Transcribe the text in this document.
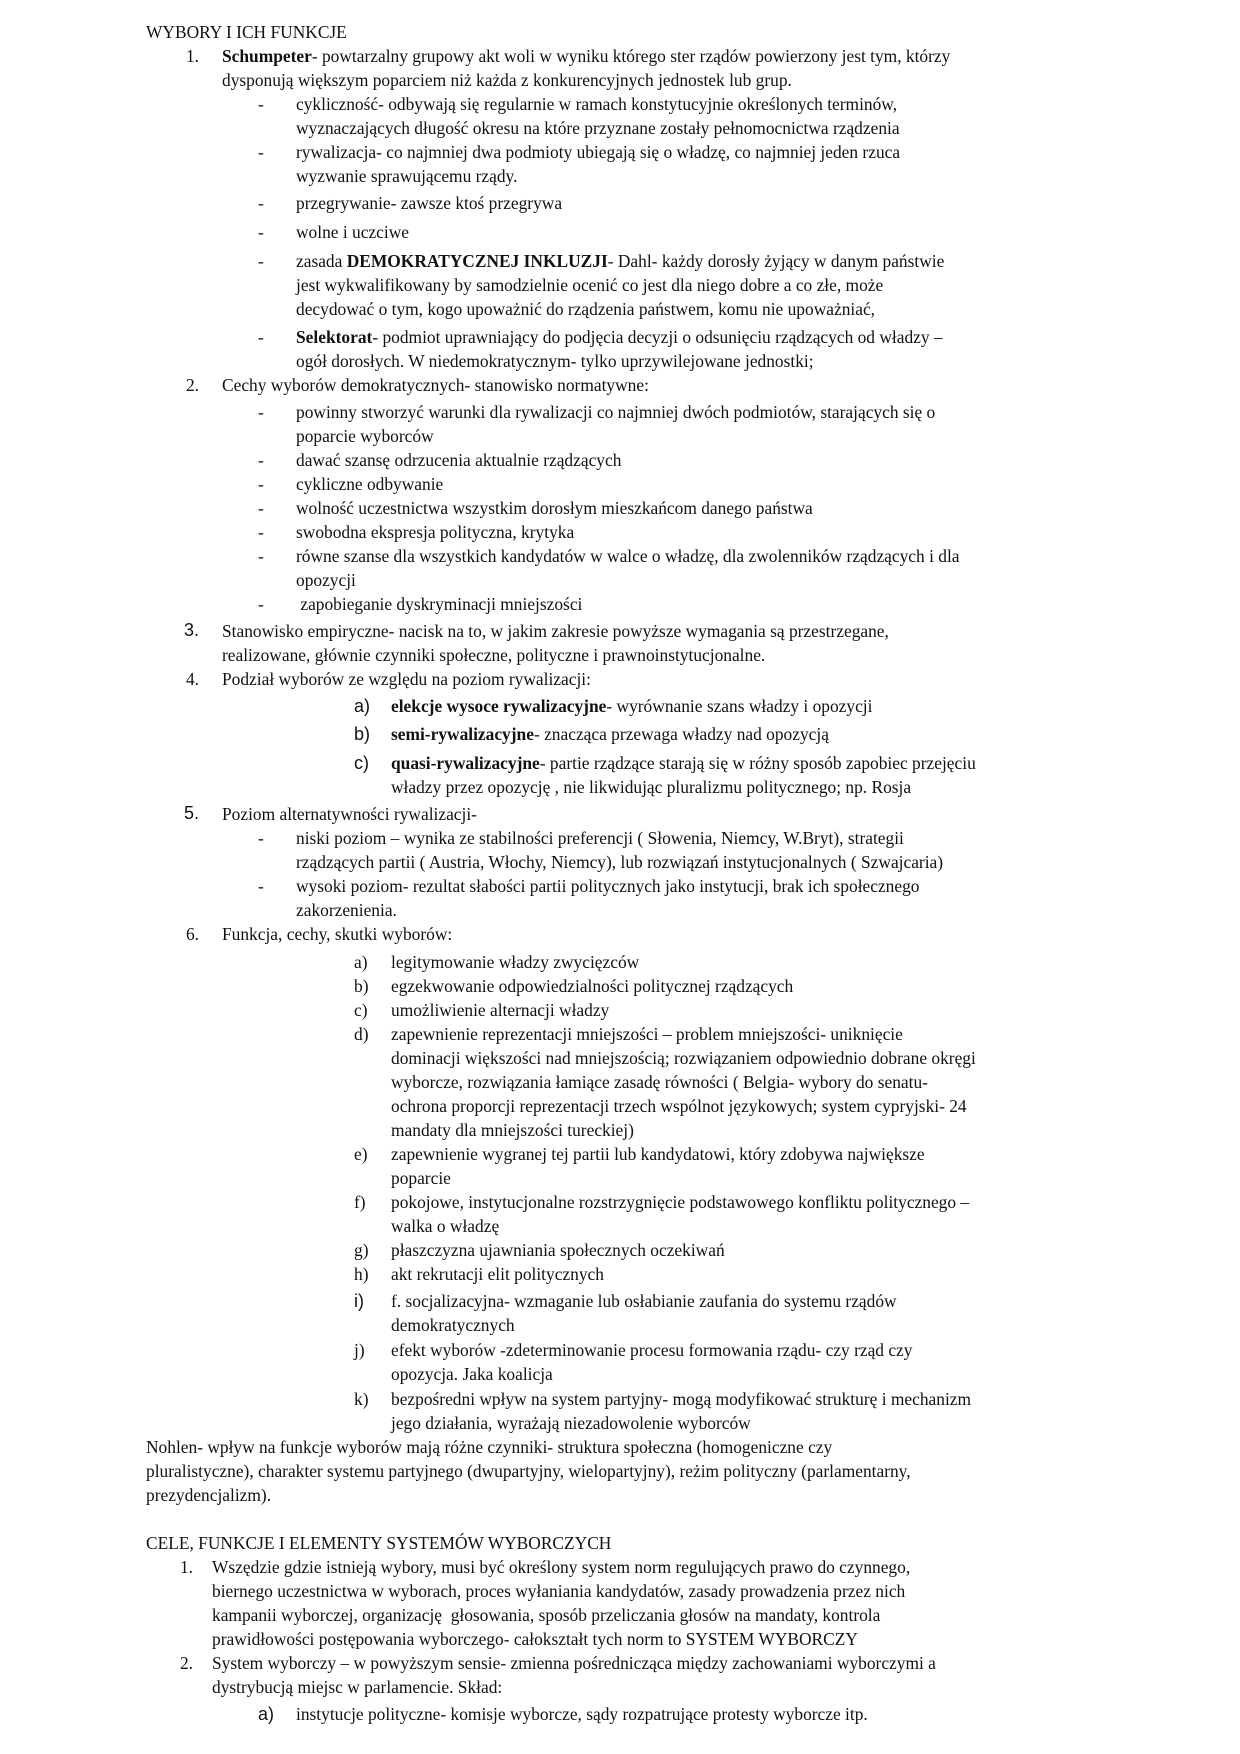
WYBORY I ICH FUNKCJE

1. Schumpeter- powtarzalny grupowy akt woli w wyniku którego ster rządów powierzony jest tym, którzy

dysponują większym poparciem niż każda z konkurencyjnych jednostek lub grup.

- cykliczność- odbywają się regularnie w ramach konstytucyjnie określonych terminów,

wyznaczających długość okresu na które przyznane zostały pełnomocnictwa rządzenia

- rywalizacja- co najmniej dwa podmioty ubiegają się o władzę, co najmniej jeden rzuca

wyzwanie sprawującemu rządy.

- przegrywanie- zawsze ktoś przegrywa

- wolne i uczciwe

- zasada DEMOKRATYCZNEJ INKLUZJI- Dahl- każdy dorosły żyjący w danym państwie

jest wykwalifikowany by samodzielnie ocenić co jest dla niego dobre a co złe, może

decydować o tym, kogo upoważnić do rządzenia państwem, komu nie upoważniać,

- Selektorat- podmiot uprawniający do podjęcia decyzji o odsunięciu rządzących od władzy –

ogół dorosłych. W niedemokratycznym- tylko uprzywilejowane jednostki;

2. Cechy wyborów demokratycznych- stanowisko normatywne:

- powinny stworzyć warunki dla rywalizacji co najmniej dwóch podmiotów, starających się o

poparcie wyborców

- dawać szansę odrzucenia aktualnie rządzących

- cykliczne odbywanie

- wolność uczestnictwa wszystkim dorosłym mieszkańcom danego państwa

- swobodna ekspresja polityczna, krytyka

- równe szanse dla wszystkich kandydatów w walce o władzę, dla zwolenników rządzących i dla

opozycji

- zapobieganie dyskryminacji mniejszości

3. Stanowisko empiryczne- nacisk na to, w jakim zakresie powyższe wymagania są przestrzegane,

realizowane, głównie czynniki społeczne, polityczne i prawnoinstytucjonalne.

4. Podział wyborów ze względu na poziom rywalizacji:

a) elekcje wysoce rywalizacyjne- wyrównanie szans władzy i opozycji

b) semi-rywalizacyjne- znacząca przewaga władzy nad opozycją

c) quasi-rywalizacyjne- partie rządzące starają się w różny sposób zapobiec przejęciu

władzy przez opozycję , nie likwidując pluralizmu politycznego; np. Rosja

5. Poziom alternatywności rywalizacji-

- niski poziom – wynika ze stabilności preferencji ( Słowenia, Niemcy, W.Bryt), strategii

rządzących partii ( Austria, Włochy, Niemcy), lub rozwiązań instytucjonalnych ( Szwajcaria)

- wysoki poziom- rezultat słabości partii politycznych jako instytucji, brak ich społecznego

zakorzenienia.

6. Funkcja, cechy, skutki wyborów:

a) legitymowanie władzy zwycięzców

b) egzekwowanie odpowiedzialności politycznej rządzących

c) umożliwienie alternacji władzy

d) zapewnienie reprezentacji mniejszości – problem mniejszości- uniknięcie

dominacji większości nad mniejszością; rozwiązaniem odpowiednio dobrane okręgi

wyborcze, rozwiązania łamiące zasadę równości ( Belgia- wybory do senatu-

ochrona proporcji reprezentacji trzech wspólnot językowych; system cypryjski- 24

mandaty dla mniejszości tureckiej)

e) zapewnienie wygranej tej partii lub kandydatowi, który zdobywa największe

poparcie

f) pokojowe, instytucjonalne rozstrzygnięcie podstawowego konfliktu politycznego –

walka o władzę

g) płaszczyzna ujawniania społecznych oczekiwań

h) akt rekrutacji elit politycznych

i) f. socjalizacyjna- wzmaganie lub osłabianie zaufania do systemu rządów

demokratycznych

j) efekt wyborów -zdeterminowanie procesu formowania rządu- czy rząd czy

opozycja. Jaka koalicja

k) bezpośredni wpływ na system partyjny- mogą modyfikować strukturę i mechanizm

jego działania, wyrażają niezadowolenie wyborców

Nohlen- wpływ na funkcje wyborów mają różne czynniki- struktura społeczna (homogeniczne czy

pluralistyczne), charakter systemu partyjnego (dwupartyjny, wielopartyjny), reżim polityczny (parlamentarny,

prezydencjalizm).

CELE, FUNKCJE I ELEMENTY SYSTEMÓW WYBORCZYCH

1. Wszędzie gdzie istnieją wybory, musi być określony system norm regulujących prawo do czynnego,

biernego uczestnictwa w wyborach, proces wyłaniania kandydatów, zasady prowadzenia przez nich

kampanii wyborczej, organizację  głosowania, sposób przeliczania głosów na mandaty, kontrola

prawidłowości postępowania wyborczego- całokształt tych norm to SYSTEM WYBORCZY

2. System wyborczy – w powyższym sensie- zmienna pośrednicząca między zachowaniami wyborczymi a

dystrybucją miejsc w parlamencie. Skład:

a) instytucje polityczne- komisje wyborcze, sądy rozpatrujące protesty wyborcze itp.
